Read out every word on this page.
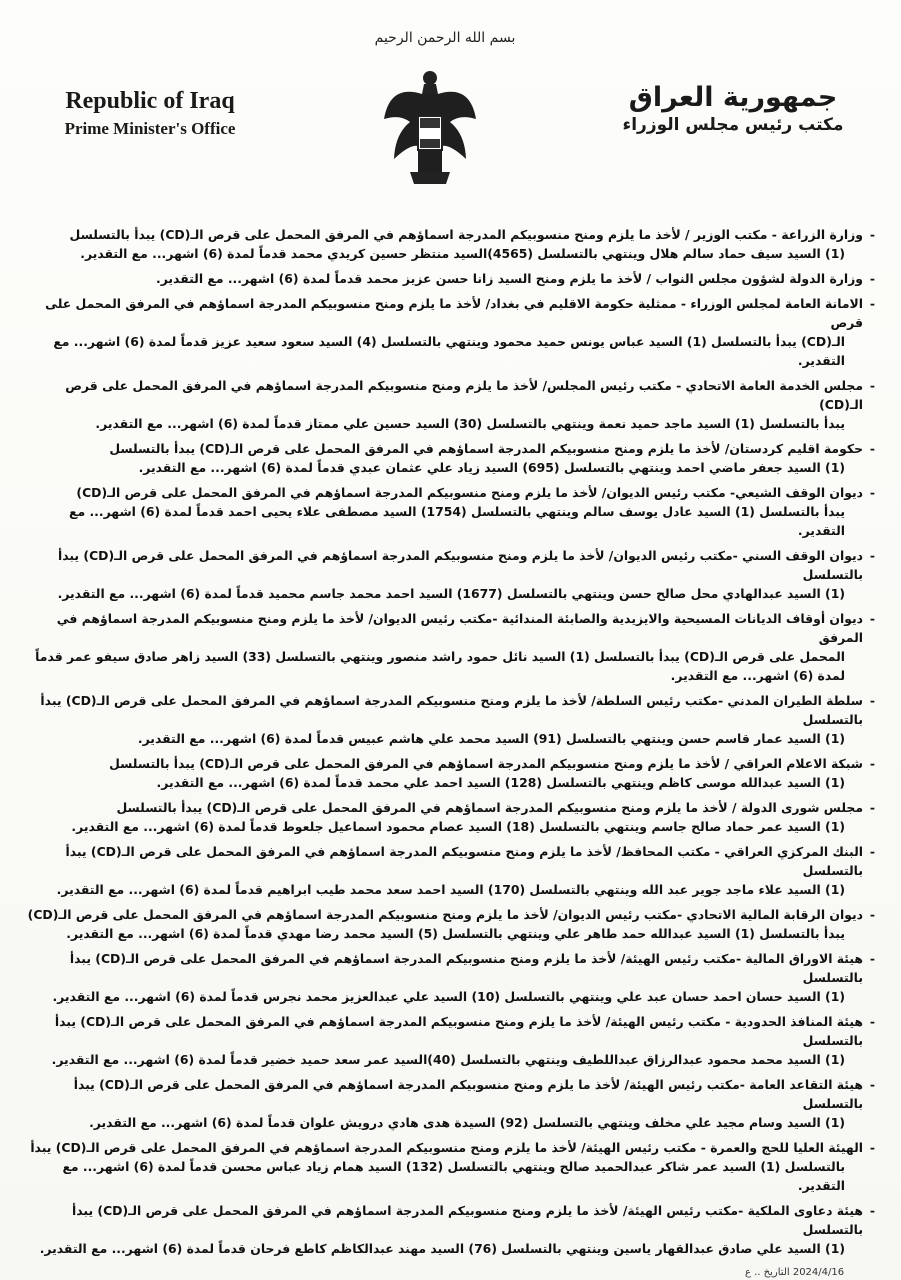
بسم الله الرحمن الرحيم
Republic of Iraq
Prime Minister's Office
جمهورية العراق
مكتب رئيس مجلس الوزراء
- وزارة الزراعة - مكتب الوزير / لأخذ ما يلزم ومنح منسوبيكم المدرجة اسماؤهم في المرفق المحمل على قرص الـ(CD) يبدأ بالتسلسل
(1) السيد سيف حماد سالم هلال وينتهي بالتسلسل (4565)السيد منتظر حسين كريدي محمد قدماً لمدة (6) اشهر... مع التقدير.
- وزارة الدولة لشؤون مجلس النواب / لأخذ ما يلزم ومنح السيد زانا حسن عزيز محمد قدماً لمدة (6) اشهر... مع التقدير.
- الامانة العامة لمجلس الوزراء - ممثلية حكومة الاقليم في بغداد/ لأخذ ما يلزم ومنح منسوبيكم المدرجة اسماؤهم في المرفق المحمل على قرص
الـ(CD) يبدأ بالتسلسل (1) السيد عباس يونس حميد محمود وينتهي بالتسلسل (4) السيد سعود سعيد عزيز قدماً لمدة (6) اشهر... مع التقدير.
- مجلس الخدمة العامة الاتحادي - مكتب رئيس المجلس/ لأخذ ما يلزم ومنح منسوبيكم المدرجة اسماؤهم في المرفق المحمل على قرص الـ(CD)
يبدأ بالتسلسل (1) السيد ماجد حميد نعمة وينتهي بالتسلسل (30) السيد حسين علي ممتاز قدماً لمدة (6) اشهر... مع التقدير.
- حكومة اقليم كردستان/ لأخذ ما يلزم ومنح منسوبيكم المدرجة اسماؤهم في المرفق المحمل على قرص الـ(CD) يبدأ بالتسلسل
(1) السيد جعفر ماضي احمد وينتهي بالتسلسل (695) السيد زياد علي عثمان عبدي قدماً لمدة (6) اشهر... مع التقدير.
- ديوان الوقف الشيعي- مكتب رئيس الديوان/ لأخذ ما يلزم ومنح منسوبيكم المدرجة اسماؤهم في المرفق المحمل على قرص الـ(CD)
يبدأ بالتسلسل (1) السيد عادل يوسف سالم وينتهي بالتسلسل (1754) السيد مصطفى علاء يحيى احمد قدماً لمدة (6) اشهر... مع التقدير.
- ديوان الوقف السني -مكتب رئيس الديوان/ لأخذ ما يلزم ومنح منسوبيكم المدرجة اسماؤهم في المرفق المحمل على قرص الـ(CD) يبدأ بالتسلسل
(1) السيد عبدالهادي محل صالح حسن وينتهي بالتسلسل (1677) السيد احمد محمد جاسم محميد قدماً لمدة (6) اشهر... مع التقدير.
- ديوان أوقاف الديانات المسيحية والايزيدية والصابئة المندائية -مكتب رئيس الديوان/ لأخذ ما يلزم ومنح منسوبيكم المدرجة اسماؤهم في المرفق
المحمل على قرص الـ(CD) يبدأ بالتسلسل (1) السيد نائل حمود راشد منصور وينتهي بالتسلسل (33) السيد زاهر صادق سيفو عمر قدماً لمدة (6) اشهر... مع التقدير.
- سلطة الطيران المدني -مكتب رئيس السلطة/ لأخذ ما يلزم ومنح منسوبيكم المدرجة اسماؤهم في المرفق المحمل على قرص الـ(CD) يبدأ بالتسلسل
(1) السيد عمار قاسم حسن وينتهي بالتسلسل (91) السيد محمد علي هاشم عبيس قدماً لمدة (6) اشهر... مع التقدير.
- شبكة الاعلام العراقي / لأخذ ما يلزم ومنح منسوبيكم المدرجة اسماؤهم في المرفق المحمل على قرص الـ(CD) يبدأ بالتسلسل
(1) السيد عبدالله موسى كاظم وينتهي بالتسلسل (128) السيد احمد علي محمد قدماً لمدة (6) اشهر... مع التقدير.
- مجلس شورى الدولة / لأخذ ما يلزم ومنح منسوبيكم المدرجة اسماؤهم في المرفق المحمل على قرص الـ(CD) يبدأ بالتسلسل
(1) السيد عمر حماد صالح جاسم وينتهي بالتسلسل (18) السيد عصام محمود اسماعيل جلعوط قدماً لمدة (6) اشهر... مع التقدير.
- البنك المركزي العراقي - مكتب المحافظ/ لأخذ ما يلزم ومنح منسوبيكم المدرجة اسماؤهم في المرفق المحمل على قرص الـ(CD) يبدأ بالتسلسل
(1) السيد علاء ماجد جوير عبد الله وينتهي بالتسلسل (170) السيد احمد سعد محمد طيب ابراهيم قدماً لمدة (6) اشهر... مع التقدير.
- ديوان الرقابة المالية الاتحادي -مكتب رئيس الديوان/ لأخذ ما يلزم ومنح منسوبيكم المدرجة اسماؤهم في المرفق المحمل على قرص الـ(CD)
يبدأ بالتسلسل (1) السيد عبدالله حمد طاهر علي وينتهي بالتسلسل (5) السيد محمد رضا مهدي قدماً لمدة (6) اشهر... مع التقدير.
- هيئة الاوراق المالية -مكتب رئيس الهيئة/ لأخذ ما يلزم ومنح منسوبيكم المدرجة اسماؤهم في المرفق المحمل على قرص الـ(CD) يبدأ بالتسلسل
(1) السيد حسان احمد حسان عبد علي وينتهي بالتسلسل (10) السيد علي عبدالعزيز محمد نجرس قدماً لمدة (6) اشهر... مع التقدير.
- هيئة المنافذ الحدودية - مكتب رئيس الهيئة/ لأخذ ما يلزم ومنح منسوبيكم المدرجة اسماؤهم في المرفق المحمل على قرص الـ(CD) يبدأ بالتسلسل
(1) السيد محمد محمود عبدالرزاق عبداللطيف وينتهي بالتسلسل (40)السيد عمر سعد حميد خضير قدماً لمدة (6) اشهر... مع التقدير.
- هيئة التقاعد العامة -مكتب رئيس الهيئة/ لأخذ ما يلزم ومنح منسوبيكم المدرجة اسماؤهم في المرفق المحمل على قرص الـ(CD) يبدأ بالتسلسل
(1) السيد وسام مجيد علي مخلف وينتهي بالتسلسل (92) السيدة هدى هادي درويش علوان قدماً لمدة (6) اشهر... مع التقدير.
- الهيئة العليا للحج والعمرة - مكتب رئيس الهيئة/ لأخذ ما يلزم ومنح منسوبيكم المدرجة اسماؤهم في المرفق المحمل على قرص الـ(CD) يبدأ
بالتسلسل (1) السيد عمر شاكر عبدالحميد صالح وينتهي بالتسلسل (132) السيد همام زياد عباس محسن قدماً لمدة (6) اشهر... مع التقدير.
- هيئة دعاوى الملكية -مكتب رئيس الهيئة/ لأخذ ما يلزم ومنح منسوبيكم المدرجة اسماؤهم في المرفق المحمل على قرص الـ(CD) يبدأ بالتسلسل
(1) السيد علي صادق عبدالقهار ياسين وينتهي بالتسلسل (76) السيد مهند عبدالكاظم كاطع فرحان قدماً لمدة (6) اشهر... مع التقدير.
2024/4/16 التاريخ .. ع
